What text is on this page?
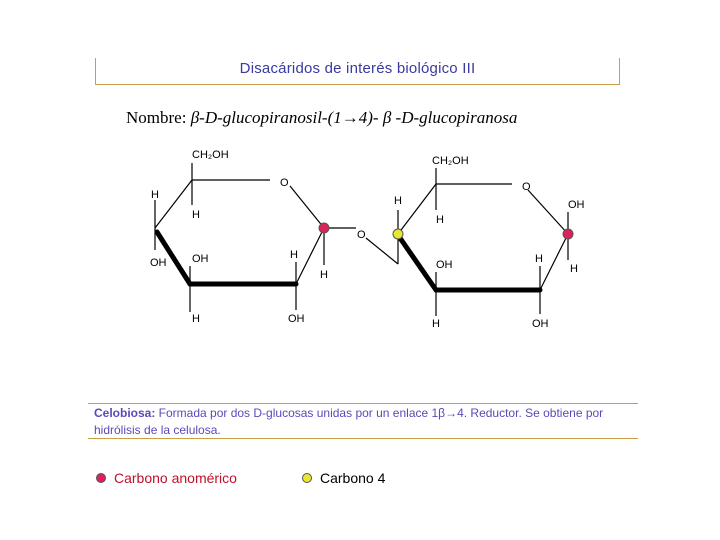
Disacáridos de interés biológico III
Nombre: β-D-glucopiranosil-(1→4)- β -D-glucopiranosa
CH₂OH
O
H
H
OH OH	H
H
H	OH
O
CH₂OH
O
H
H
OH
OH	H
H
H	OH
Celobiosa: Formada por dos D-glucosas unidas por un enlace 1β→4. Reductor. Se obtiene por hidrólisis de la celulosa.
Carbono anomérico	Carbono 4
